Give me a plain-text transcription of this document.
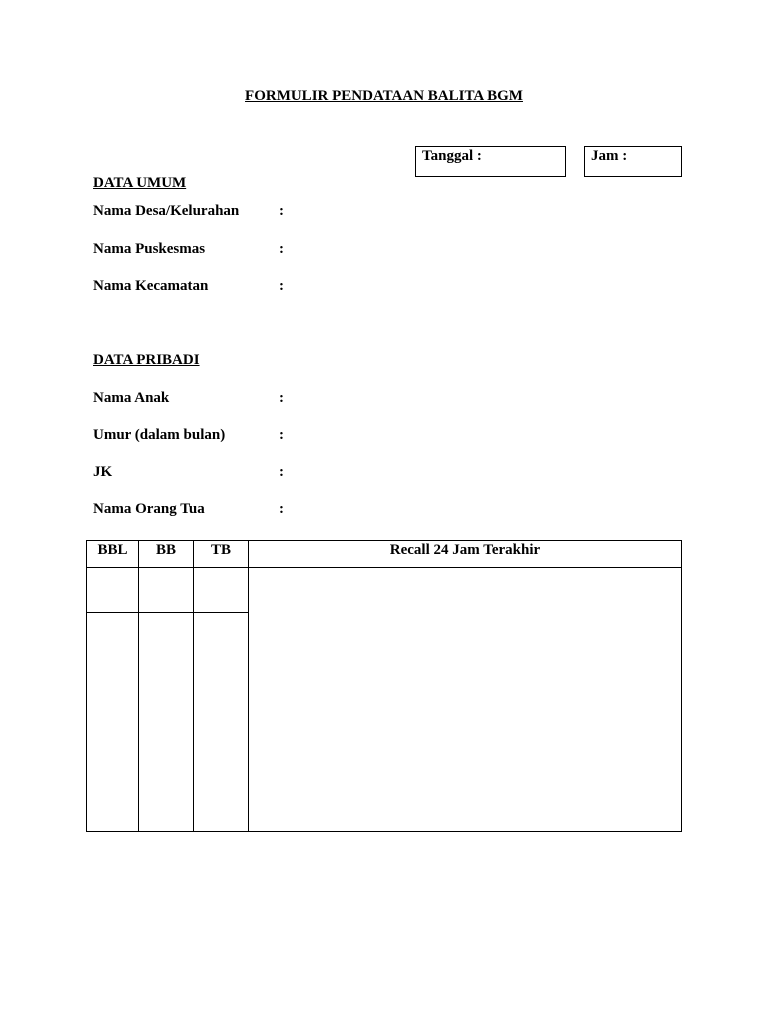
FORMULIR PENDATAAN BALITA BGM
Tanggal :	Jam :
DATA UMUM
Nama Desa/Kelurahan	:
Nama Puskesmas	:
Nama Kecamatan	:
DATA PRIBADI
Nama Anak	:
Umur (dalam bulan)	:
JK	:
Nama Orang Tua	:
BBL	BB	TB	Recall 24 Jam Terakhir
